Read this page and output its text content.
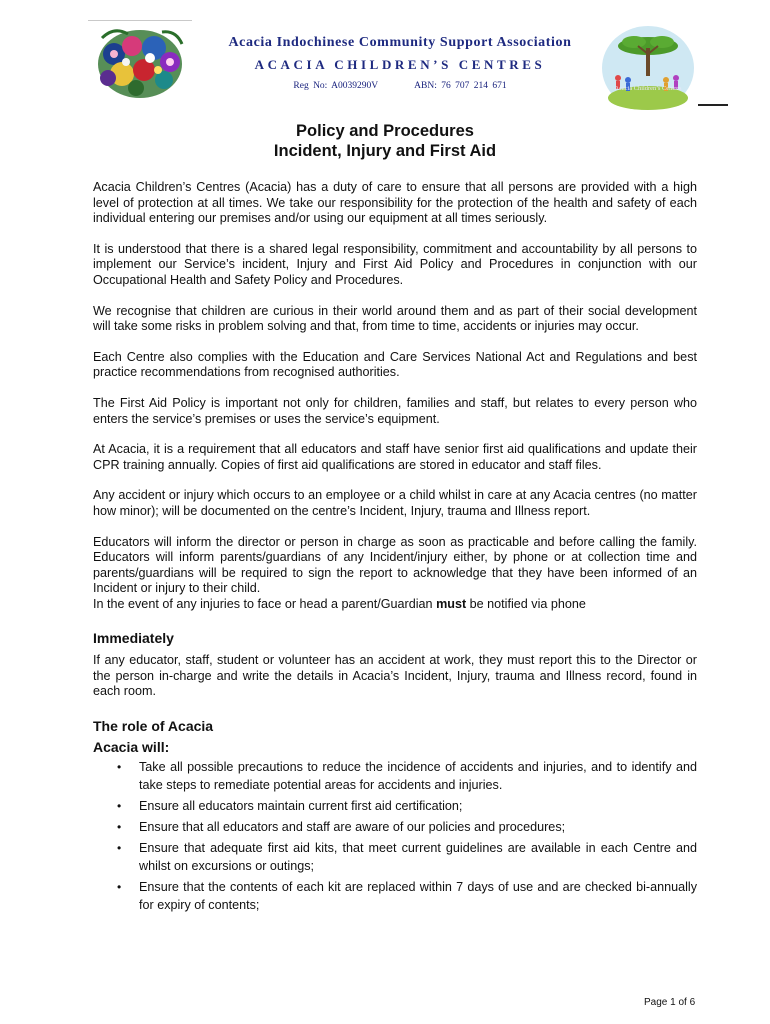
Acacia Indochinese Community Support Association
ACACIA CHILDREN’S CENTRES
Reg No: A0039290V	ABN: 76 707 214 671	Acacia Children’s Centres
Policy and Procedures
Incident, Injury and First Aid

Acacia Children’s Centres (Acacia) has a duty of care to ensure that all persons are provided with a high level of protection at all times. We take our responsibility for the protection of the health and safety of each individual entering our premises and/or using our equipment at all times seriously.

It is understood that there is a shared legal responsibility, commitment and accountability by all persons to implement our Service’s incident, Injury and First Aid Policy and Procedures in conjunction with our Occupational Health and Safety Policy and Procedures.

We recognise that children are curious in their world around them and as part of their social development will take some risks in problem solving and that, from time to time, accidents or injuries may occur.

Each Centre also complies with the Education and Care Services National Act and Regulations and best practice recommendations from recognised authorities.

The First Aid Policy is important not only for children, families and staff, but relates to every person who enters the service’s premises or uses the service’s equipment.

At Acacia, it is a requirement that all educators and staff have senior first aid qualifications and update their CPR training annually. Copies of first aid qualifications are stored in educator and staff files.

Any accident or injury which occurs to an employee or a child whilst in care at any Acacia centres (no matter how minor); will be documented on the centre’s Incident, Injury, trauma and Illness report.

Educators will inform the director or person in charge as soon as practicable and before calling the family. Educators will inform parents/guardians of any Incident/injury either, by phone or at collection time and parents/guardians will be required to sign the report to acknowledge that they have been informed of an Incident or injury to their child.

In the event of any injuries to face or head a parent/Guardian must be notified via phone

Immediately

If any educator, staff, student or volunteer has an accident at work, they must report this to the Director or the person in-charge and write the details in Acacia’s Incident, Injury, trauma and Illness record, found in each room.

The role of Acacia
Acacia will:
• Take all possible precautions to reduce the incidence of accidents and injuries, and to identify and take steps to remediate potential areas for accidents and injuries.
• Ensure all educators maintain current first aid certification;
• Ensure that all educators and staff are aware of our policies and procedures;
• Ensure that adequate first aid kits, that meet current guidelines are available in each Centre and whilst on excursions or outings;
• Ensure that the contents of each kit are replaced within 7 days of use and are checked bi-annually for expiry of contents;
Page 1 of 6
